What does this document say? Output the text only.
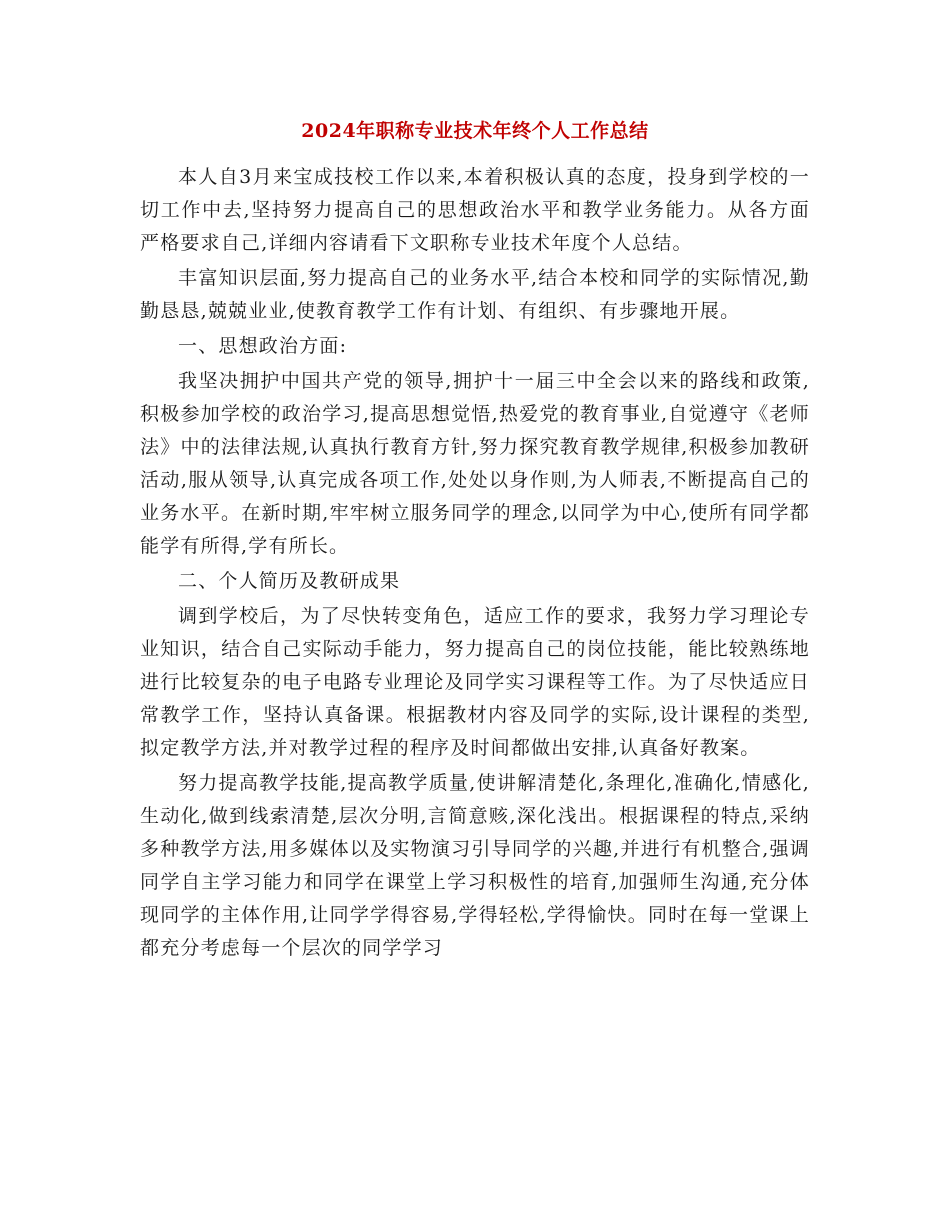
2024年职称专业技术年终个人工作总结

本人自3月来宝成技校工作以来,本着积极认真的态度，投身到学校的一切工作中去,坚持努力提高自己的思想政治水平和教学业务能力。从各方面严格要求自己,详细内容请看下文职称专业技术年度个人总结。

丰富知识层面,努力提高自己的业务水平,结合本校和同学的实际情况,勤勤恳恳,兢兢业业,使教育教学工作有计划、有组织、有步骤地开展。

一、思想政治方面:

我坚决拥护中国共产党的领导,拥护十一届三中全会以来的路线和政策,积极参加学校的政治学习,提高思想觉悟,热爱党的教育事业,自觉遵守《老师法》中的法律法规,认真执行教育方针,努力探究教育教学规律,积极参加教研活动,服从领导,认真完成各项工作,处处以身作则,为人师表,不断提高自己的业务水平。在新时期,牢牢树立服务同学的理念,以同学为中心,使所有同学都能学有所得,学有所长。

二、个人简历及教研成果

调到学校后，为了尽快转变角色，适应工作的要求，我努力学习理论专业知识，结合自己实际动手能力，努力提高自己的岗位技能，能比较熟练地进行比较复杂的电子电路专业理论及同学实习课程等工作。为了尽快适应日常教学工作，坚持认真备课。根据教材内容及同学的实际,设计课程的类型,拟定教学方法,并对教学过程的程序及时间都做出安排,认真备好教案。

努力提高教学技能,提高教学质量,使讲解清楚化,条理化,准确化,情感化,生动化,做到线索清楚,层次分明,言简意赅,深化浅出。根据课程的特点,采纳多种教学方法,用多媒体以及实物演习引导同学的兴趣,并进行有机整合,强调同学自主学习能力和同学在课堂上学习积极性的培育,加强师生沟通,充分体现同学的主体作用,让同学学得容易,学得轻松,学得愉快。同时在每一堂课上都充分考虑每一个层次的同学学习
